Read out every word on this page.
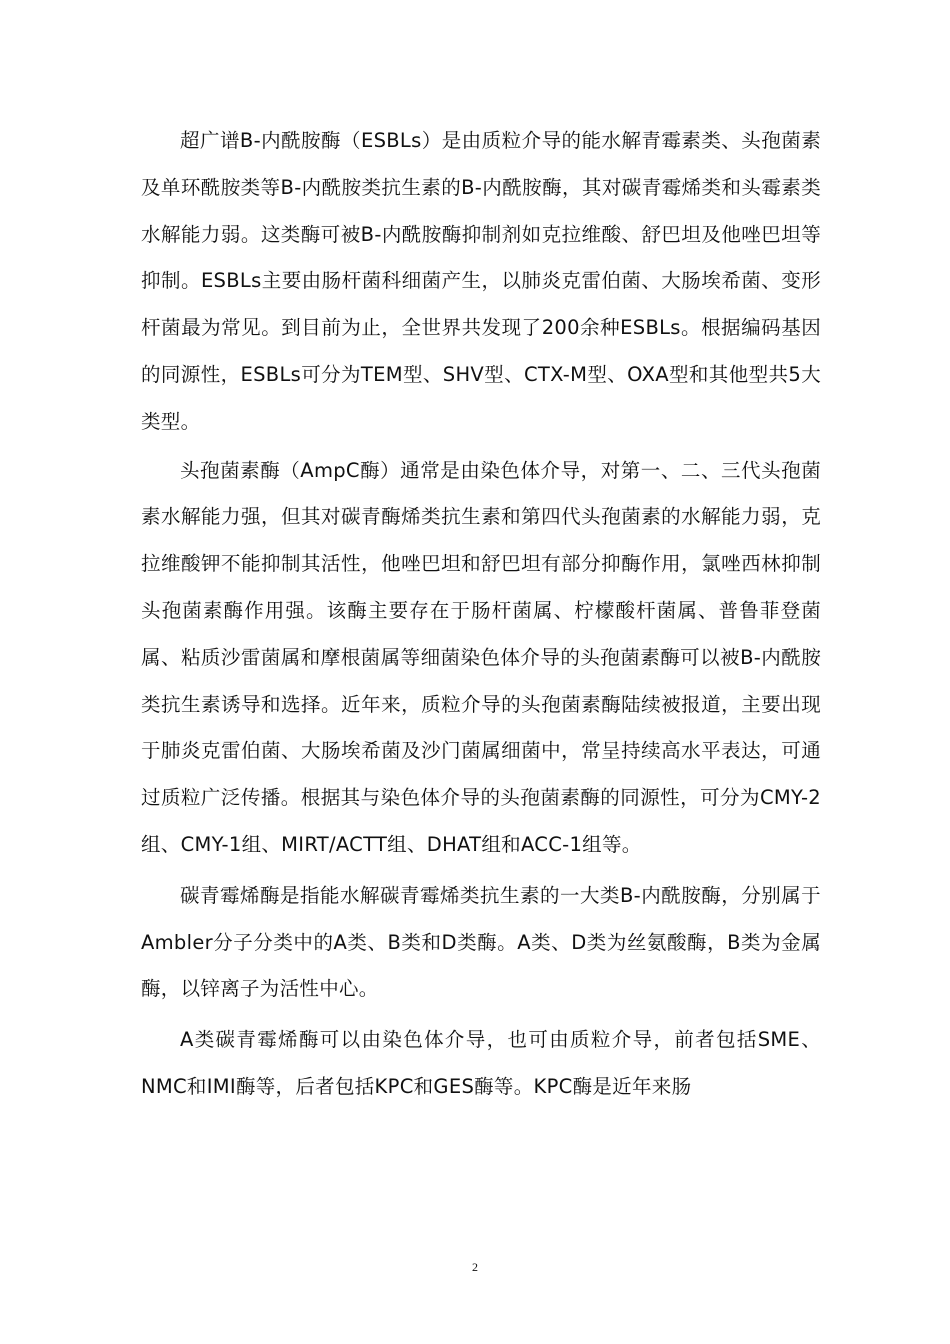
超广谱Β-内酰胺酶（ESBLs）是由质粒介导的能水解青霉素类、头孢菌素及单环酰胺类等Β-内酰胺类抗生素的Β-内酰胺酶，其对碳青霉烯类和头霉素类水解能力弱。这类酶可被Β-内酰胺酶抑制剂如克拉维酸、舒巴坦及他唑巴坦等抑制。ESBLs主要由肠杆菌科细菌产生，以肺炎克雷伯菌、大肠埃希菌、变形杆菌最为常见。到目前为止，全世界共发现了200余种ESBLs。根据编码基因的同源性，ESBLs可分为TEM型、SHV型、CTX-M型、OXA型和其他型共5大类型。

头孢菌素酶（AmpC酶）通常是由染色体介导，对第一、二、三代头孢菌素水解能力强，但其对碳青酶烯类抗生素和第四代头孢菌素的水解能力弱，克拉维酸钾不能抑制其活性，他唑巴坦和舒巴坦有部分抑酶作用，氯唑西林抑制头孢菌素酶作用强。该酶主要存在于肠杆菌属、柠檬酸杆菌属、普鲁菲登菌属、粘质沙雷菌属和摩根菌属等细菌染色体介导的头孢菌素酶可以被Β-内酰胺类抗生素诱导和选择。近年来，质粒介导的头孢菌素酶陆续被报道，主要出现于肺炎克雷伯菌、大肠埃希菌及沙门菌属细菌中，常呈持续高水平表达，可通过质粒广泛传播。根据其与染色体介导的头孢菌素酶的同源性，可分为CMY-2组、CMY-1组、MIRT/ACTT组、DHAT组和ACC-1组等。

碳青霉烯酶是指能水解碳青霉烯类抗生素的一大类Β-内酰胺酶，分别属于Ambler分子分类中的A类、B类和D类酶。A类、D类为丝氨酸酶，B类为金属酶，以锌离子为活性中心。

A类碳青霉烯酶可以由染色体介导，也可由质粒介导，前者包括SME、NMC和IMI酶等，后者包括KPC和GES酶等。KPC酶是近年来肠

2
